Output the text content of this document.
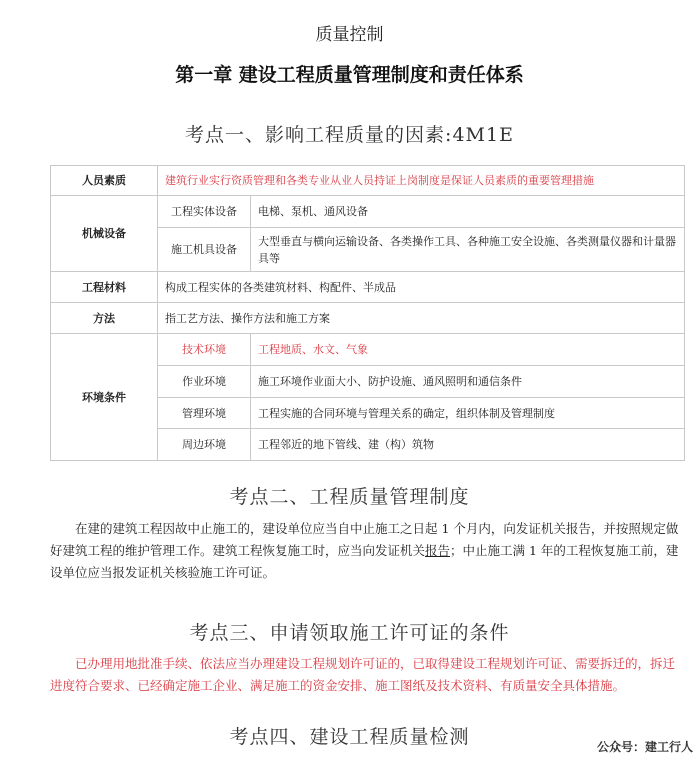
质量控制
第一章 建设工程质量管理制度和责任体系
考点一、影响工程质量的因素:4M1E
人员素质	建筑行业实行资质管理和各类专业从业人员持证上岗制度是保证人员素质的重要管理措施	
机械设备	工程实体设备	电梯、泵机、通风设备
	施工机具设备	大型垂直与横向运输设备、各类操作工具、各种施工安全设施、各类测量仪器和计量器具等
工程材料	构成工程实体的各类建筑材料、构配件、半成品	
方法	指工艺方法、操作方法和施工方案	
环境条件	技术环境	工程地质、水文、气象
	作业环境	施工环境作业面大小、防护设施、通风照明和通信条件
	管理环境	工程实施的合同环境与管理关系的确定，组织体制及管理制度
	周边环境	工程邻近的地下管线、建（构）筑物
考点二、工程质量管理制度
在建的建筑工程因故中止施工的，建设单位应当自中止施工之日起 1 个月内，向发证机关报告，并按照规定做好建筑工程的维护管理工作。建筑工程恢复施工时，应当向发证机关报告；中止施工满 1 年的工程恢复施工前，建设单位应当报发证机关核验施工许可证。
考点三、申请领取施工许可证的条件
已办理用地批准手续、依法应当办理建设工程规划许可证的，已取得建设工程规划许可证、需要拆迁的，拆迁进度符合要求、已经确定施工企业、满足施工的资金安排、施工图纸及技术资料、有质量安全具体措施。
考点四、建设工程质量检测	公众号：建工行人
